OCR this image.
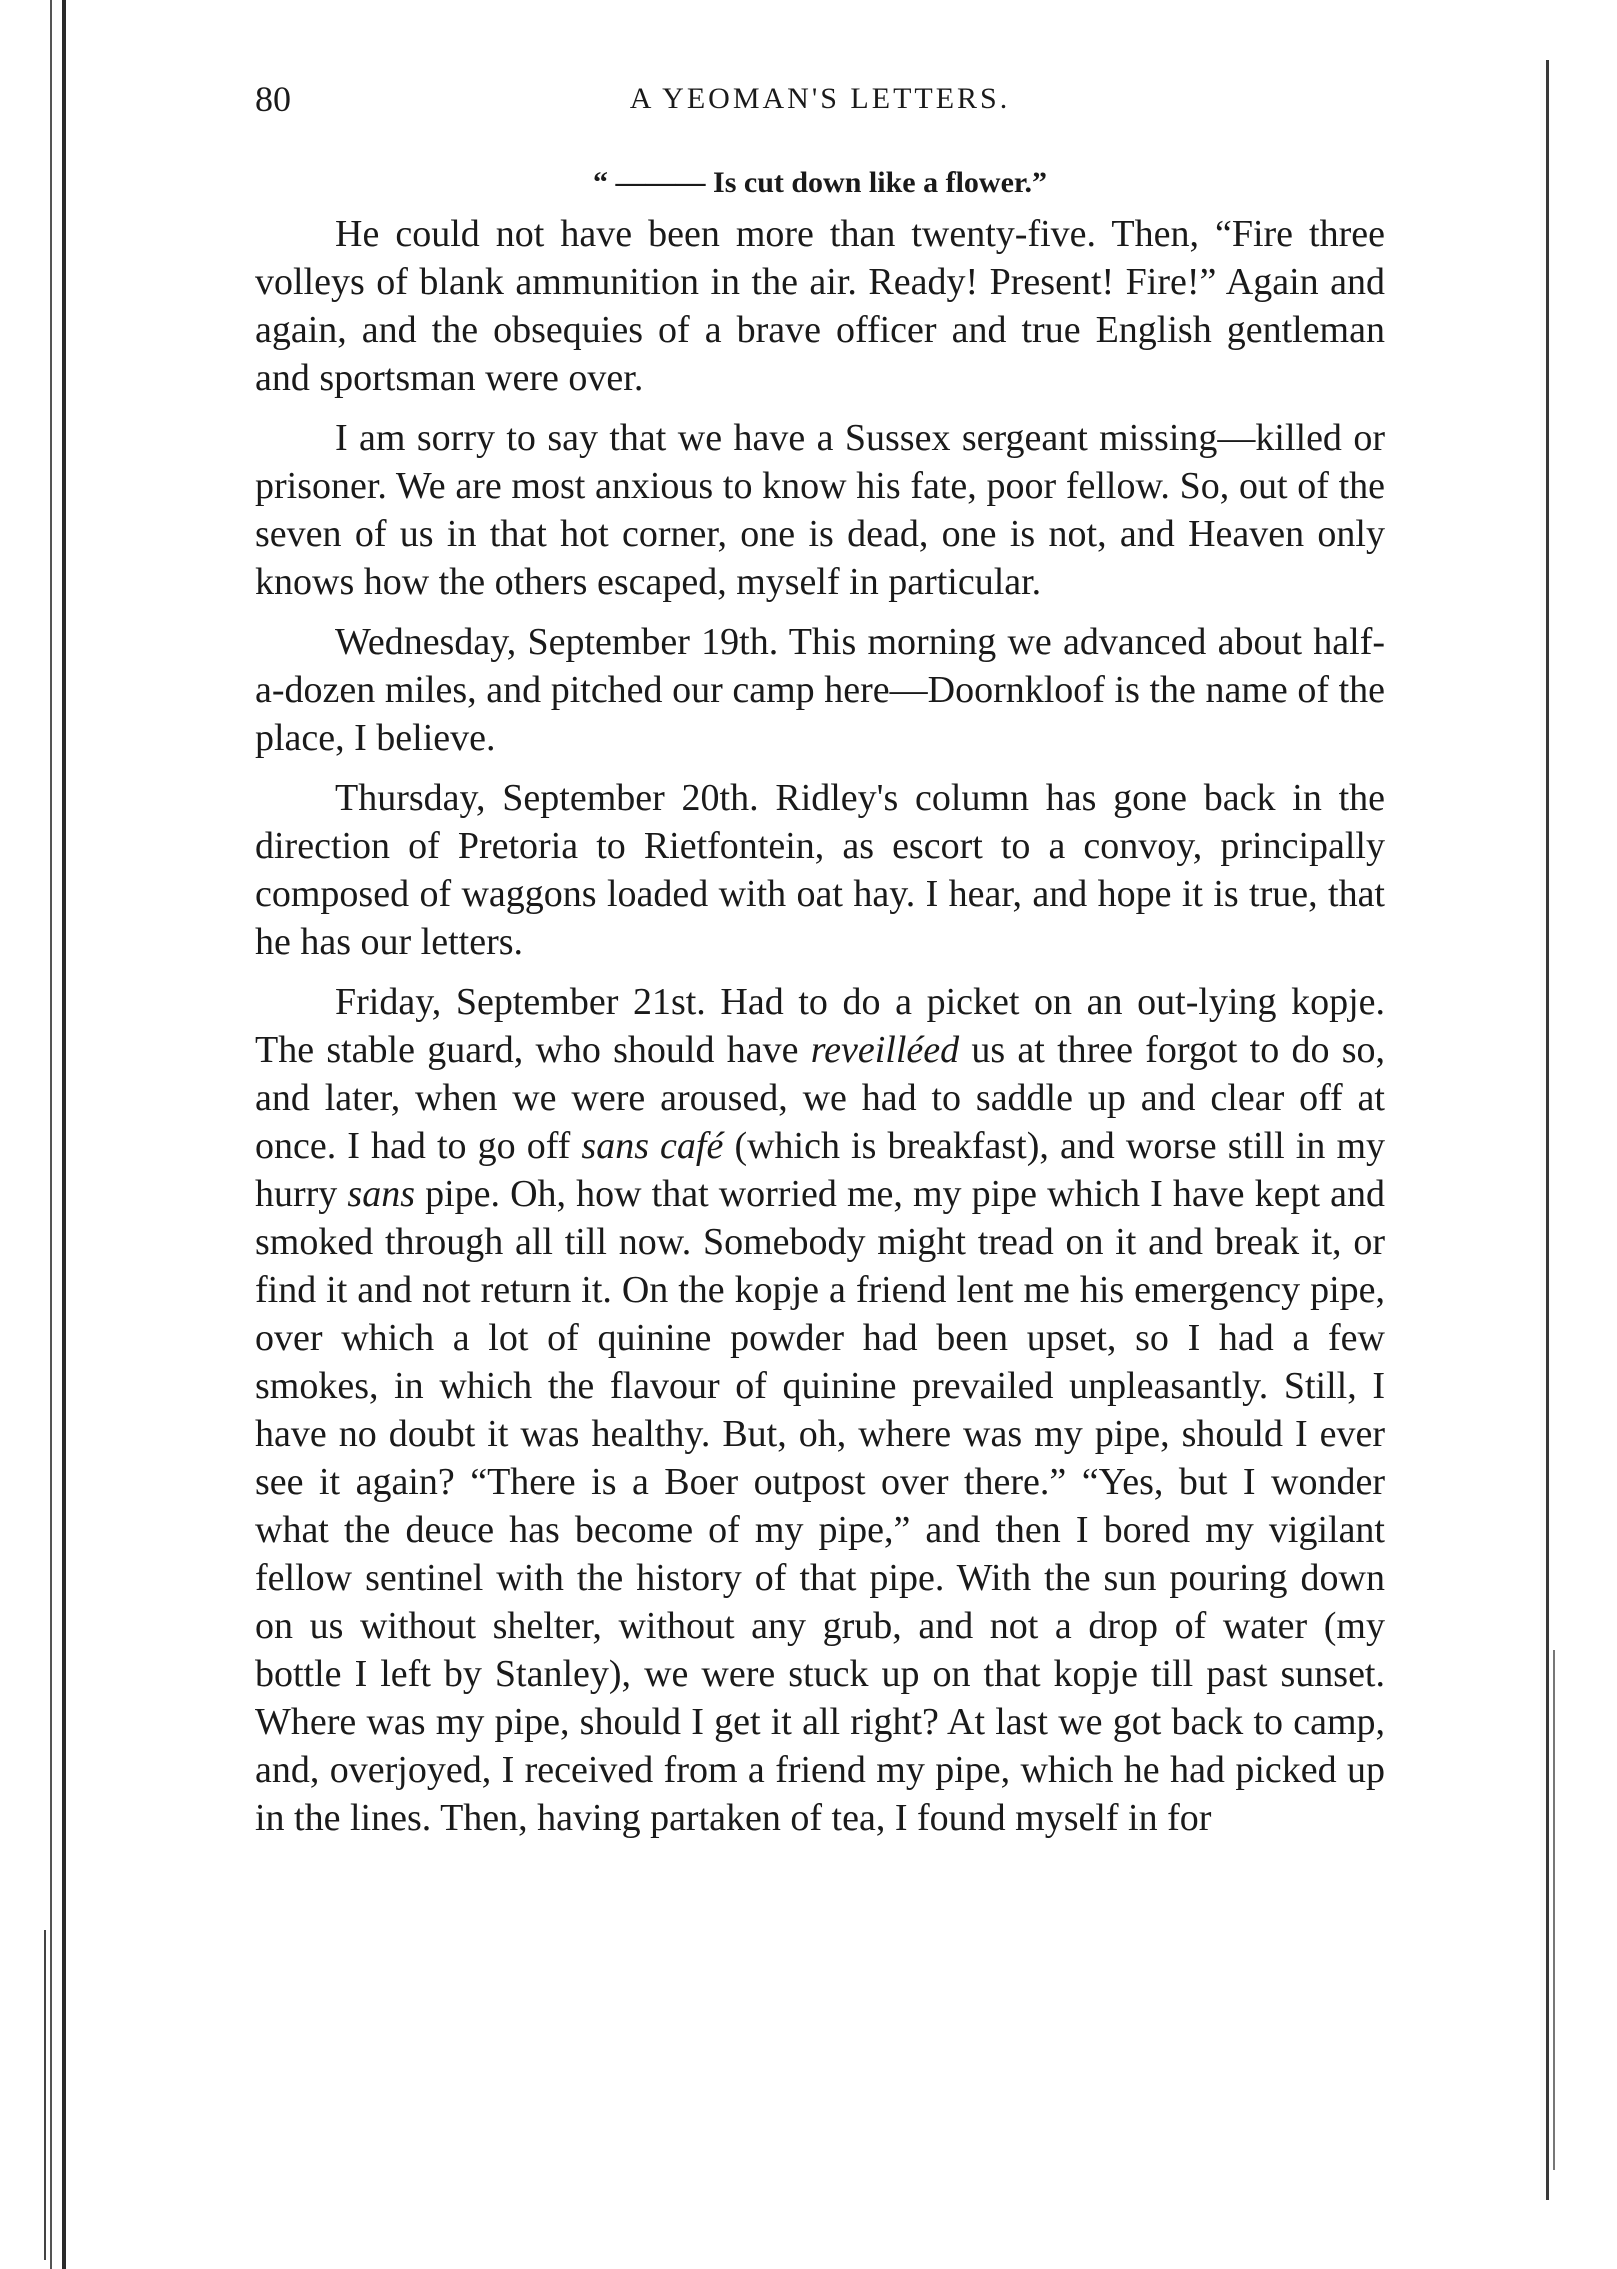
80	A YEOMAN'S LETTERS.
“ ——— Is cut down like a flower.”

He could not have been more than twenty-five. Then, “Fire three volleys of blank ammunition in the air. Ready! Present! Fire!” Again and again, and the obsequies of a brave officer and true English gentleman and sportsman were over.

I am sorry to say that we have a Sussex sergeant missing—killed or prisoner. We are most anxious to know his fate, poor fellow. So, out of the seven of us in that hot corner, one is dead, one is not, and Heaven only knows how the others escaped, myself in particular.

Wednesday, September 19th. This morning we advanced about half-a-dozen miles, and pitched our camp here—Doornkloof is the name of the place, I believe.

Thursday, September 20th. Ridley's column has gone back in the direction of Pretoria to Rietfontein, as escort to a convoy, principally composed of waggons loaded with oat hay. I hear, and hope it is true, that he has our letters.

Friday, September 21st. Had to do a picket on an out-lying kopje. The stable guard, who should have reveilléed us at three forgot to do so, and later, when we were aroused, we had to saddle up and clear off at once. I had to go off sans café (which is breakfast), and worse still in my hurry sans pipe. Oh, how that worried me, my pipe which I have kept and smoked through all till now. Somebody might tread on it and break it, or find it and not return it. On the kopje a friend lent me his emergency pipe, over which a lot of quinine powder had been upset, so I had a few smokes, in which the flavour of quinine prevailed unpleasantly. Still, I have no doubt it was healthy. But, oh, where was my pipe, should I ever see it again? “There is a Boer outpost over there.” “Yes, but I wonder what the deuce has become of my pipe,” and then I bored my vigilant fellow sentinel with the history of that pipe. With the sun pouring down on us without shelter, without any grub, and not a drop of water (my bottle I left by Stanley), we were stuck up on that kopje till past sunset. Where was my pipe, should I get it all right? At last we got back to camp, and, overjoyed, I received from a friend my pipe, which he had picked up in the lines. Then, having partaken of tea, I found myself in for
